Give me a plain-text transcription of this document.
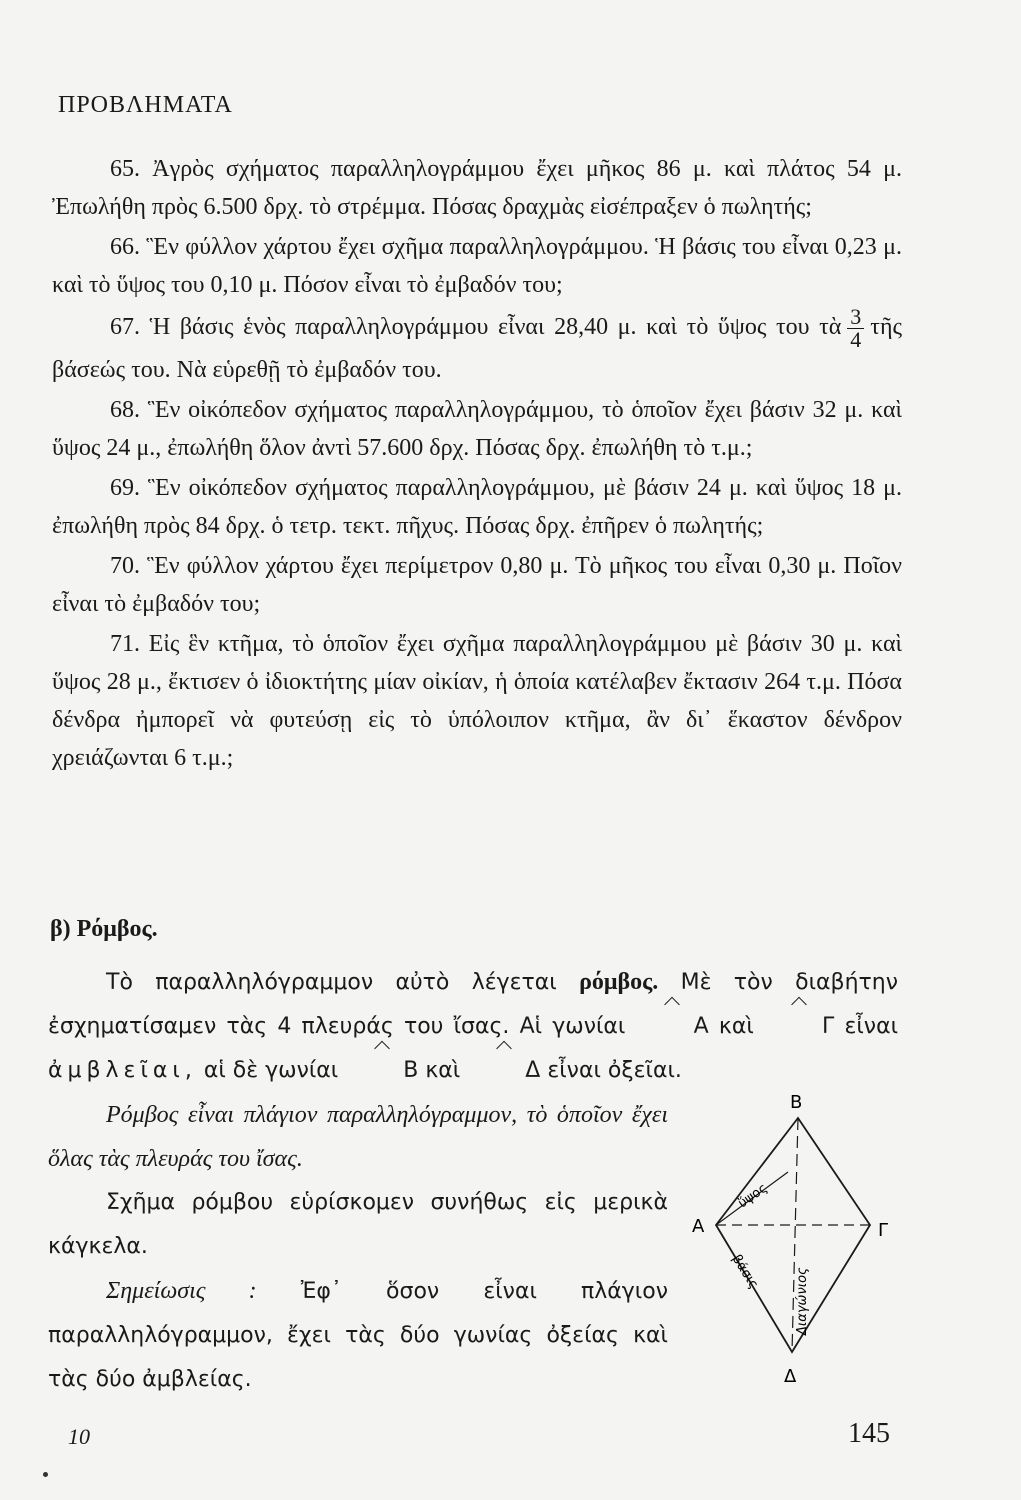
ΠΡΟΒΛΗΜΑΤΑ

65. Ἀγρὸς σχήματος παραλληλογράμμου ἔχει μῆκος 86 μ. καὶ πλάτος 54 μ. Ἐπωλήθη πρὸς 6.500 δρχ. τὸ στρέμμα. Πόσας δραχμὰς εἰσέπραξεν ὁ πωλητής;

66. Ἓν φύλλον χάρτου ἔχει σχῆμα παραλληλογράμμου. Ἡ βάσις του εἶναι 0,23 μ. καὶ τὸ ὕψος του 0,10 μ. Πόσον εἶναι τὸ ἐμβαδόν του;

67. Ἡ βάσις ἑνὸς παραλληλογράμμου εἶναι 28,40 μ. καὶ τὸ ὕψος του τὰ $\frac{3}{4}$ τῆς βάσεώς του. Νὰ εὑρεθῇ τὸ ἐμβαδόν του.

68. Ἓν οἰκόπεδον σχήματος παραλληλογράμμου, τὸ ὁποῖον ἔχει βάσιν 32 μ. καὶ ὕψος 24 μ., ἐπωλήθη ὅλον ἀντὶ 57.600 δρχ. Πόσας δρχ. ἐπωλήθη τὸ τ.μ.;

69. Ἓν οἰκόπεδον σχήματος παραλληλογράμμου, μὲ βάσιν 24 μ. καὶ ὕψος 18 μ. ἐπωλήθη πρὸς 84 δρχ. ὁ τετρ. τεκτ. πῆχυς. Πόσας δρχ. ἐπῆρεν ὁ πωλητής;

70. Ἓν φύλλον χάρτου ἔχει περίμετρον 0,80 μ. Τὸ μῆκος του εἶναι 0,30 μ. Ποῖον εἶναι τὸ ἐμβαδόν του;

71. Εἰς ἓν κτῆμα, τὸ ὁποῖον ἔχει σχῆμα παραλληλογράμμου μὲ βάσιν 30 μ. καὶ ὕψος 28 μ., ἔκτισεν ὁ ἰδιοκτήτης μίαν οἰκίαν, ἡ ὁποία κατέλαβεν ἔκτασιν 264 τ.μ. Πόσα δένδρα ἠμπορεῖ νὰ φυτεύσῃ εἰς τὸ ὑπόλοιπον κτῆμα, ἂν δι᾿ ἕκαστον δένδρον χρειάζωνται 6 τ.μ.;

β) Ρόμβος.

Τὸ παραλληλόγραμμον αὐτὸ λέγεται ρόμβος. Μὲ τὸν διαβήτην ἐσχηματίσαμεν τὰς 4 πλευράς του ἴσας. Αἱ γωνίαι	Α καὶ	Γ εἶναι ἀμβλεῖαι, αἱ δὲ γωνίαι	Β καὶ	Δ εἶναι ὀξεῖαι.

Ρόμβος εἶναι πλάγιον παραλληλόγραμμον, τὸ ὁποῖον ἔχει ὅλας τὰς πλευράς του ἴσας.

Σχῆμα ρόμβου εὑρίσκομεν συνήθως εἰς μερικὰ κάγκελα.

Σημείωσις : Ἐφ᾿ ὅσον εἶναι πλάγιον παραλληλόγραμμον, ἔχει τὰς δύο γωνίας ὀξείας καὶ τὰς δύο ἀμβλείας.

Β
Α	Γ
Δ
ὕψος
βάσις	Διαγώνιος
10	145
